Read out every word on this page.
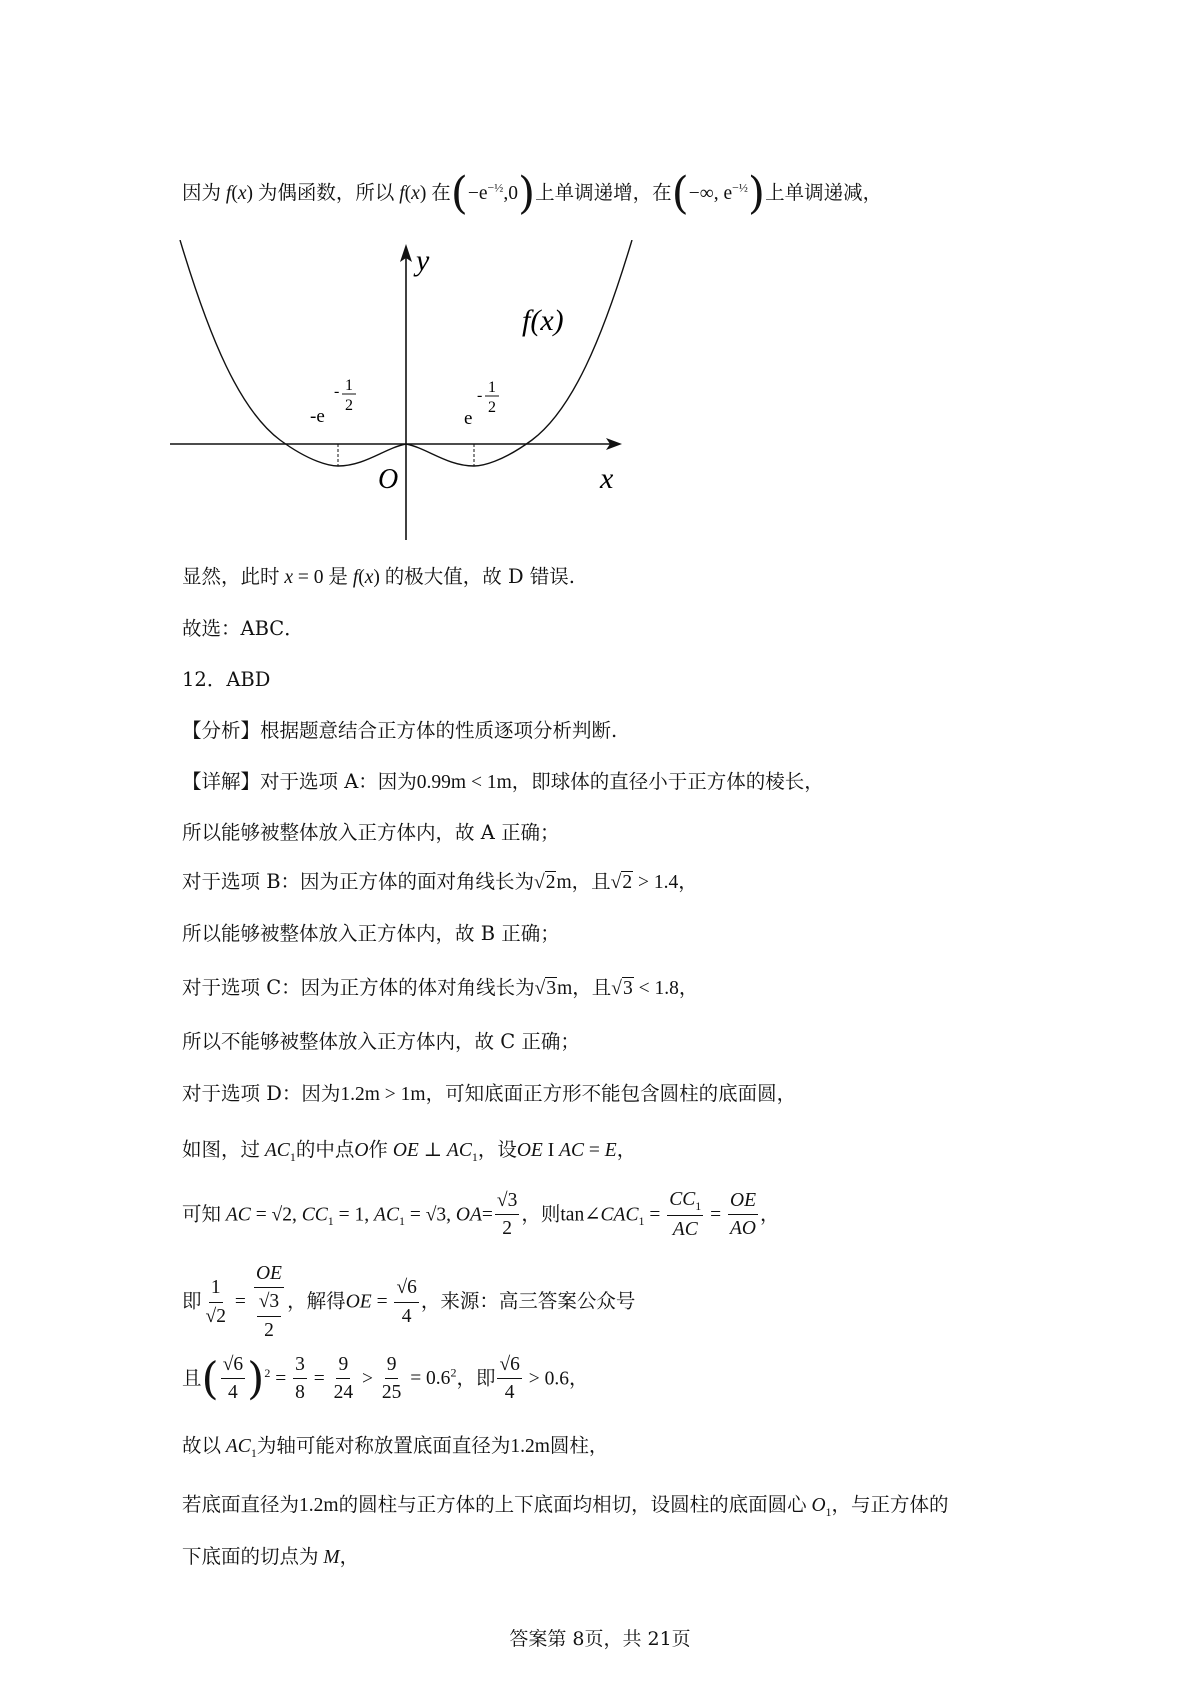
因为 f(x) 为偶函数，所以 f(x) 在$(-e^{-\frac{1}{2}},0)$上单调递增，在(−∞, $e^{-\frac{1}{2}}$)上单调递减，
y
x
O
f(x)
-e
1
2
-
e
- 1
2
显然，此时 x = 0 是 f(x) 的极大值，故 D 错误.
故选：ABC．
12．ABD
【分析】根据题意结合正方体的性质逐项分析判断.
【详解】对于选项 A：因为0.99m < 1m，即球体的直径小于正方体的棱长，
所以能够被整体放入正方体内，故 A 正确；
对于选项 B：因为正方体的面对角线长为√2m，且√2 > 1.4，
所以能够被整体放入正方体内，故 B 正确；
对于选项 C：因为正方体的体对角线长为√3m，且√3 < 1.8，
所以不能够被整体放入正方体内，故 C 正确；
对于选项 D：因为1.2m > 1m，可知底面正方形不能包含圆柱的底面圆，
如图，过 $AC_1$的中点O作 OE ⊥ $AC_1$，设OE I AC = E，
可知 AC = √2, $CC_1 = 1$, $AC_1 = √3$, $OA= \frac{√3}{2}$ ，则$\tan\angle CAC_1 = \frac{CC_1}{AC} = \frac{OE}{AO}$ ，
即 $\frac{1}{√2} = \frac{OE}{\frac{√3}{2}}$ ，解得OE = $\frac{√6}{4}$ ，来源：高三答案公众号
且( $\frac{√6}{4} )^2 = \frac{3}{8} = \frac{9}{24} > \frac{9}{25} = 0.6^2$，即 $\frac{√6}{4} > 0.6$，
故以 $AC_1$为轴可能对称放置底面直径为1.2m圆柱，
若底面直径为1.2m的圆柱与正方体的上下底面均相切，设圆柱的底面圆心 $O_1$，与正方体的
下底面的切点为 M，
答案第 8页，共 21页
